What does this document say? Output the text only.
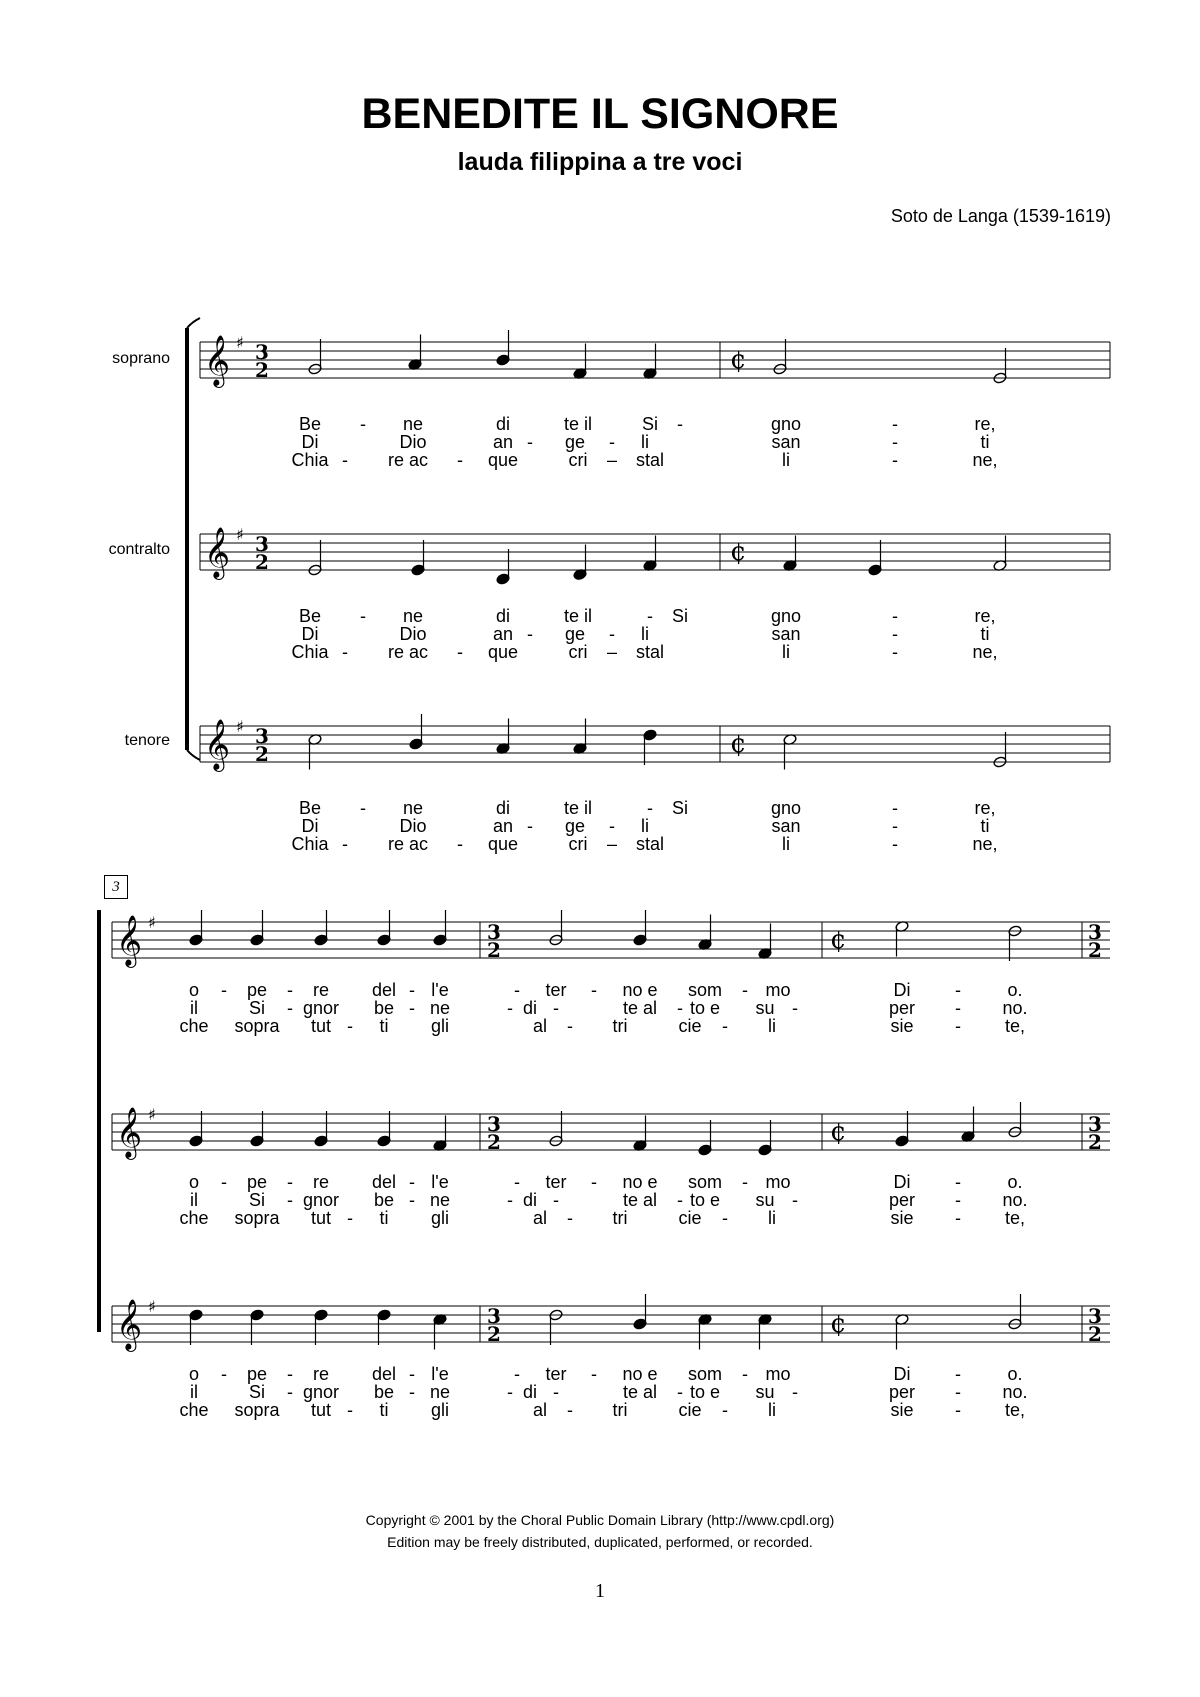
BENEDITE IL SIGNORE
lauda filippina a tre voci
Soto de Langa (1539-1619)
soprano
contralto
tenore
3
𝄞 ♯ 3
2	¢
𝄞 ♯ 3
2	¢
𝄞 ♯ 3
2	¢
𝄞 ♯	3
2	¢	3
2
𝄞 ♯	3
2	¢	3
2
𝄞 ♯	3
2	¢	3
2
Be - ne	di	te il	Si -	gno	-	re,
Di	Dio	an - ge - li	san	-	ti
Chia - re ac - que	cri – stal	li	-	ne,
Be - ne	di	te il	- Si	gno	-	re,
Di	Dio	an - ge - li	san	-	ti
Chia - re ac - que	cri – stal	li	-	ne,
Be - ne	di	te il	- Si	gno	-	re,
Di	Dio	an - ge - li	san	-	ti
Chia - re ac - que	cri – stal	li	-	ne,
o - pe - re del - l'e	- ter - no e som - mo	Di -	o.
il	Si - gnor be - ne	- di -	te al - to e su -	per - no.
che sopra tut - ti gli	al - tri	cie - li	sie - te,
o - pe - re del - l'e	- ter - no e som - mo	Di -	o.
il	Si - gnor be - ne	- di -	te al - to e su -	per - no.
che sopra tut - ti gli	al - tri	cie - li	sie - te,
o - pe - re del - l'e	- ter - no e som - mo	Di -	o.
il	Si - gnor be - ne	- di -	te al - to e su -	per - no.
che sopra tut - ti gli	al - tri	cie - li	sie - te,
Copyright © 2001 by the Choral Public Domain Library (http://www.cpdl.org)
Edition may be freely distributed, duplicated, performed, or recorded.
1
